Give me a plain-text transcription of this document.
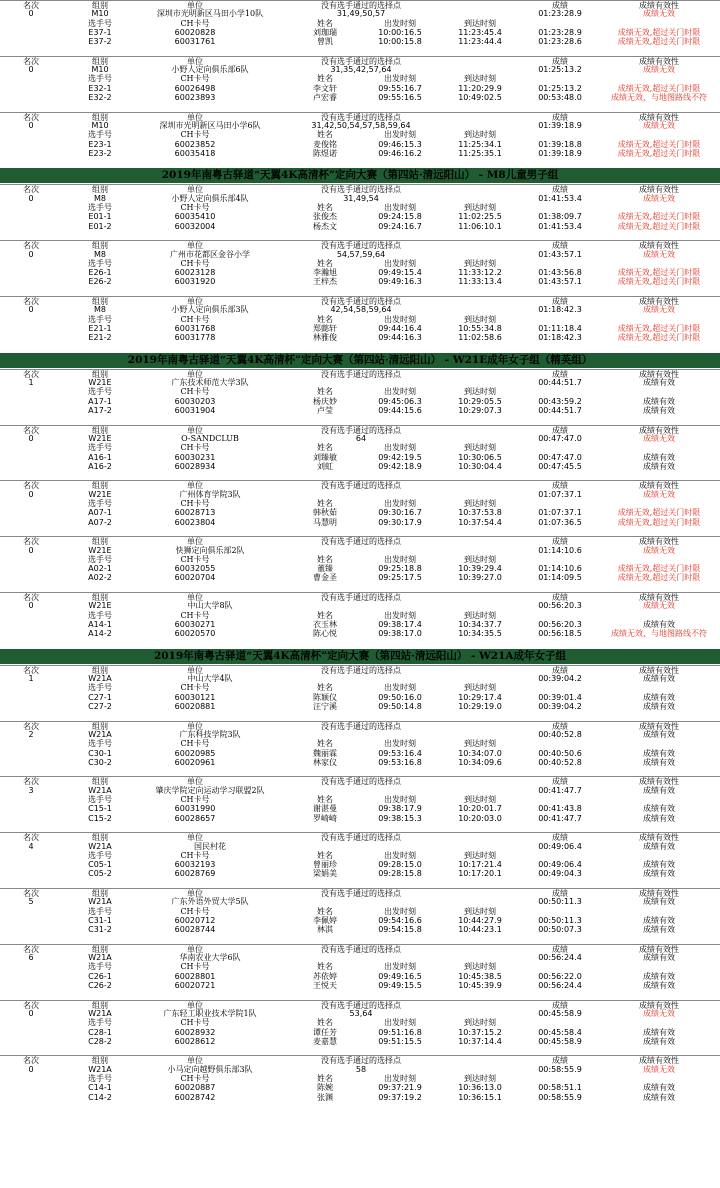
名次	组别	单位	没有选手通过的选择点	成绩	成绩有效性
0	M10	深圳市光明新区马田小学10队	31,49,50,57	01:23:28.9	成绩无效
选手号	CH卡号	姓名	出发时刻	到达时刻
E37-1	60020828	刘珈瑞	10:00:16.5	11:23:45.4	01:23:28.9	成绩无效,超过关门时限
E37-2	60031761	曾凯	10:00:15.8	11:23:44.4	01:23:28.6	成绩无效,超过关门时限
名次	组别	单位	没有选手通过的选择点	成绩	成绩有效性
0	M10	小野人定向俱乐部6队	31,35,42,57,64	01:25:13.2	成绩无效
选手号	CH卡号	姓名	出发时刻	到达时刻
E32-1	60026498	李文轩	09:55:16.7	11:20:29.9	01:25:13.2	成绩无效,超过关门时限
E32-2	60023893	卢宏睿	09:55:16.5	10:49:02.5	00:53:48.0	成绩无效，与地图路线不符
名次	组别	单位	没有选手通过的选择点	成绩	成绩有效性
0	M10	深圳市光明新区马田小学6队	31,42,50,54,57,58,59,64	01:39:18.9	成绩无效
选手号	CH卡号	姓名	出发时刻	到达时刻
E23-1	60023852	麦俊铭	09:46:15.3	11:25:34.1	01:39:18.8	成绩无效,超过关门时限
E23-2	60035418	陈煜诺	09:46:16.2	11:25:35.1	01:39:18.9	成绩无效,超过关门时限
2019年南粤古驿道“天翼4K高清杯”定向大赛（第四站·清远阳山） - M8儿童男子组
名次	组别	单位	没有选手通过的选择点	成绩	成绩有效性
0	M8	小野人定向俱乐部4队	31,49,54	01:41:53.4	成绩无效
选手号	CH卡号	姓名	出发时刻	到达时刻
E01-1	60035410	张俊杰	09:24:15.8	11:02:25.5	01:38:09.7	成绩无效,超过关门时限
E01-2	60032004	杨杰文	09:24:16.7	11:06:10.1	01:41:53.4	成绩无效,超过关门时限
名次	组别	单位	没有选手通过的选择点	成绩	成绩有效性
0	M8	广州市花都区金谷小学	54,57,59,64	01:43:57.1	成绩无效
选手号	CH卡号	姓名	出发时刻	到达时刻
E26-1	60023128	李瀚旭	09:49:15.4	11:33:12.2	01:43:56.8	成绩无效,超过关门时限
E26-2	60031920	王梓杰	09:49:16.3	11:33:13.4	01:43:57.1	成绩无效,超过关门时限
名次	组别	单位	没有选手通过的选择点	成绩	成绩有效性
0	M8	小野人定向俱乐部3队	42,54,58,59,64	01:18:42.3	成绩无效
选手号	CH卡号	姓名	出发时刻	到达时刻
E21-1	60031768	郑懿轩	09:44:16.4	10:55:34.8	01:11:18.4	成绩无效,超过关门时限
E21-2	60031778	林雅俊	09:44:16.3	11:02:58.6	01:18:42.3	成绩无效,超过关门时限
2019年南粤古驿道“天翼4K高清杯”定向大赛（第四站·清远阳山） - W21E成年女子组（精英组）
名次	组别	单位	没有选手通过的选择点	成绩	成绩有效性
1	W21E	广东技术师范大学3队	00:44:51.7	成绩有效
选手号	CH卡号	姓名	出发时刻	到达时刻
A17-1	60030203	杨庆妙	09:45:06.3	10:29:05.5	00:43:59.2	成绩有效
A17-2	60031904	卢莹	09:44:15.6	10:29:07.3	00:44:51.7	成绩有效
名次	组别	单位	没有选手通过的选择点	成绩	成绩有效性
0	W21E	O-SANDCLUB	64	00:47:47.0	成绩无效
选手号	CH卡号	姓名	出发时刻	到达时刻
A16-1	60030231	刘臻敏	09:42:19.5	10:30:06.5	00:47:47.0	成绩有效
A16-2	60028934	刘虹	09:42:18.9	10:30:04.4	00:47:45.5	成绩有效
名次	组别	单位	没有选手通过的选择点	成绩	成绩有效性
0	W21E	广州体育学院3队	01:07:37.1	成绩无效
选手号	CH卡号	姓名	出发时刻	到达时刻
A07-1	60028713	韩秋茹	09:30:16.7	10:37:53.8	01:07:37.1	成绩无效,超过关门时限
A07-2	60023804	马慧明	09:30:17.9	10:37:54.4	01:07:36.5	成绩无效,超过关门时限
名次	组别	单位	没有选手通过的选择点	成绩	成绩有效性
0	W21E	快狮定向俱乐部2队	01:14:10.6	成绩无效
选手号	CH卡号	姓名	出发时刻	到达时刻
A02-1	60032055	董臻	09:25:18.8	10:39:29.4	01:14:10.6	成绩无效,超过关门时限
A02-2	60020704	曹金圣	09:25:17.5	10:39:27.0	01:14:09.5	成绩无效,超过关门时限
名次	组别	单位	没有选手通过的选择点	成绩	成绩有效性
0	W21E	中山大学8队	00:56:20.3	成绩无效
选手号	CH卡号	姓名	出发时刻	到达时刻
A14-1	60030271	衣玉林	09:38:17.4	10:34:37.7	00:56:20.3	成绩有效
A14-2	60020570	陈心悦	09:38:17.0	10:34:35.5	00:56:18.5	成绩无效，与地图路线不符
2019年南粤古驿道“天翼4K高清杯”定向大赛（第四站·清远阳山） - W21A成年女子组
名次	组别	单位	没有选手通过的选择点	成绩	成绩有效性
1	W21A	中山大学4队	00:39:04.2	成绩有效
选手号	CH卡号	姓名	出发时刻	到达时刻
C27-1	60030121	陈颖仪	09:50:16.0	10:29:17.4	00:39:01.4	成绩有效
C27-2	60020881	汪宁溪	09:50:14.8	10:29:19.0	00:39:04.2	成绩有效
名次	组别	单位	没有选手通过的选择点	成绩	成绩有效性
2	W21A	广东科技学院3队	00:40:52.8	成绩有效
选手号	CH卡号	姓名	出发时刻	到达时刻
C30-1	60020985	魏丽霖	09:53:16.4	10:34:07.0	00:40:50.6	成绩有效
C30-2	60020961	林家仪	09:53:16.8	10:34:09.6	00:40:52.8	成绩有效
名次	组别	单位	没有选手通过的选择点	成绩	成绩有效性
3	W21A	肇庆学院定向运动学习联盟2队	00:41:47.7	成绩有效
选手号	CH卡号	姓名	出发时刻	到达时刻
C15-1	60031990	谢湛曼	09:38:17.9	10:20:01.7	00:41:43.8	成绩有效
C15-2	60028657	罗崎崎	09:38:15.3	10:20:03.0	00:41:47.7	成绩有效
名次	组别	单位	没有选手通过的选择点	成绩	成绩有效性
4	W21A	国民村花	00:49:06.4	成绩有效
选手号	CH卡号	姓名	出发时刻	到达时刻
C05-1	60032193	曾丽珍	09:28:15.0	10:17:21.4	00:49:06.4	成绩有效
C05-2	60028769	梁娟美	09:28:15.8	10:17:20.1	00:49:04.3	成绩有效
名次	组别	单位	没有选手通过的选择点	成绩	成绩有效性
5	W21A	广东外语外贸大学5队	00:50:11.3	成绩有效
选手号	CH卡号	姓名	出发时刻	到达时刻
C31-1	60020712	李佩婷	09:54:16.6	10:44:27.9	00:50:11.3	成绩有效
C31-2	60028744	林淇	09:54:15.8	10:44:23.1	00:50:07.3	成绩有效
名次	组别	单位	没有选手通过的选择点	成绩	成绩有效性
6	W21A	华南农业大学6队	00:56:24.4	成绩有效
选手号	CH卡号	姓名	出发时刻	到达时刻
C26-1	60028801	苏依婷	09:49:16.5	10:45:38.5	00:56:22.0	成绩有效
C26-2	60020721	王悦天	09:49:15.5	10:45:39.9	00:56:24.4	成绩有效
名次	组别	单位	没有选手通过的选择点	成绩	成绩有效性
0	W21A	广东轻工职业技术学院1队	53,64	00:45:58.9	成绩无效
选手号	CH卡号	姓名	出发时刻	到达时刻
C28-1	60028932	谭任芳	09:51:16.8	10:37:15.2	00:45:58.4	成绩有效
C28-2	60028612	麦嘉慧	09:51:15.5	10:37:14.4	00:45:58.9	成绩有效
名次	组别	单位	没有选手通过的选择点	成绩	成绩有效性
0	W21A	小马定向越野俱乐部3队	58	00:58:55.9	成绩无效
选手号	CH卡号	姓名	出发时刻	到达时刻
C14-1	60020887	陈婉	09:37:21.9	10:36:13.0	00:58:51.1	成绩有效
C14-2	60028742	张渊	09:37:19.2	10:36:15.1	00:58:55.9	成绩有效
